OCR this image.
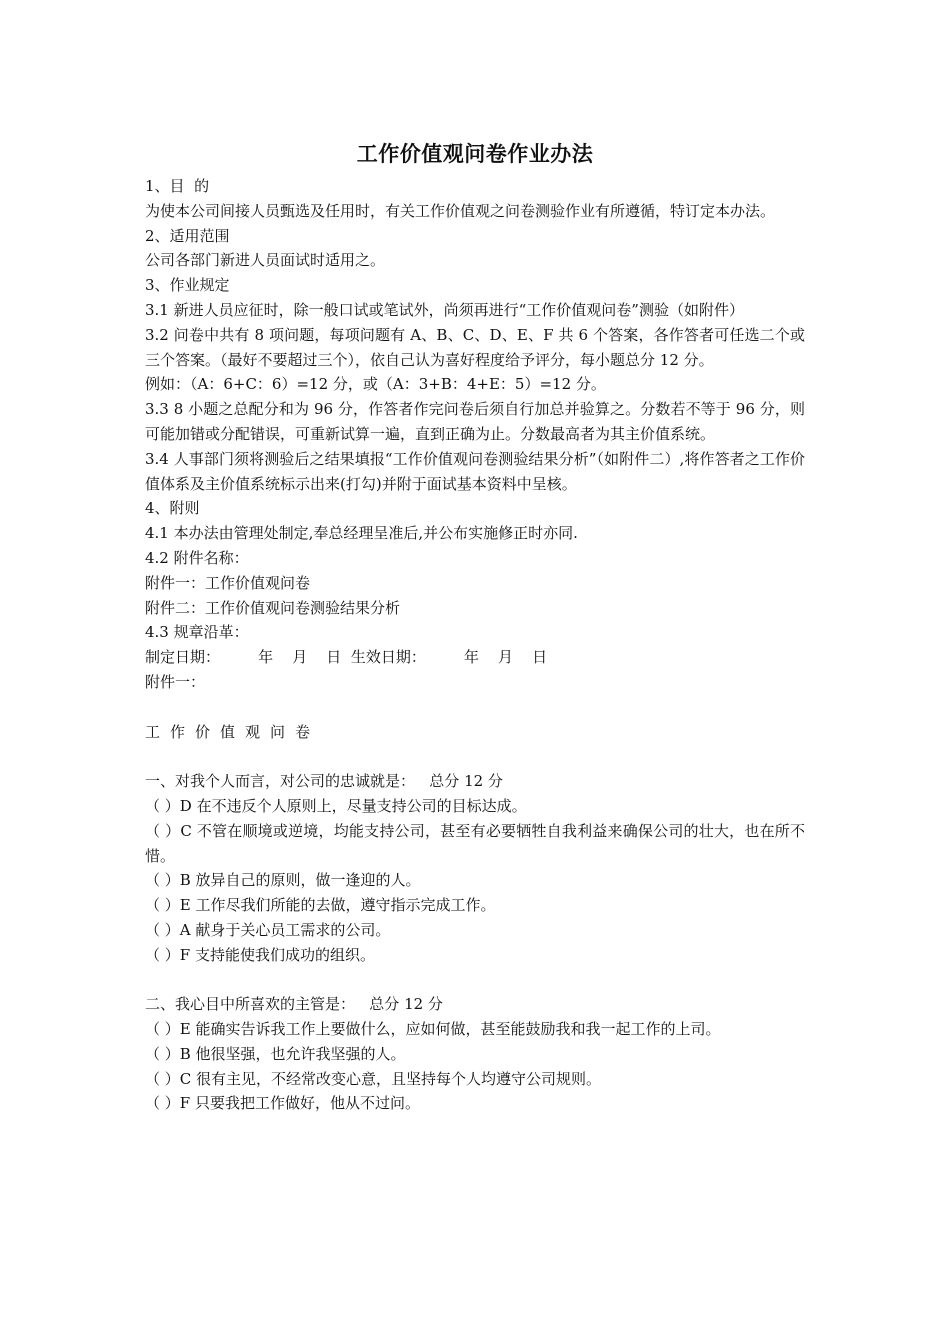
工作价值观问卷作业办法
1、目  的
为使本公司间接人员甄选及任用时，有关工作价值观之问卷测验作业有所遵循，特订定本办法。
2、适用范围
公司各部门新进人员面试时适用之。
3、作业规定
3.1 新进人员应征时，除一般口试或笔试外，尚须再进行“工作价值观问卷”测验（如附件）
3.2 问卷中共有 8 项问题，每项问题有 A、B、C、D、E、F 共 6 个答案，各作答者可任选二个或三个答案。（最好不要超过三个），依自己认为喜好程度给予评分，每小题总分 12 分。
例如：（A：6+C：6）=12 分，或（A：3+B：4+E：5）=12 分。
3.3 8 小题之总配分和为 96 分，作答者作完问卷后须自行加总并验算之。分数若不等于 96 分，则可能加错或分配错误，可重新试算一遍，直到正确为止。分数最高者为其主价值系统。
3.4 人事部门须将测验后之结果填报“工作价值观问卷测验结果分析”（如附件二）,将作答者之工作价值体系及主价值系统标示出来(打勾)并附于面试基本资料中呈核。
4、附则
4.1 本办法由管理处制定,奉总经理呈准后,并公布实施修正时亦同.
4.2 附件名称：
附件一：工作价值观问卷
附件二：工作价值观问卷测验结果分析
4.3 规章沿革：
制定日期：        年    月    日  生效日期：        年    月    日
附件一：
工作价值观问卷
一、对我个人而言，对公司的忠诚就是：   总分 12 分
（ ）D 在不违反个人原则上，尽量支持公司的目标达成。
（ ）C 不管在顺境或逆境，均能支持公司，甚至有必要牺牲自我利益来确保公司的壮大，也在所不惜。
（ ）B 放异自己的原则，做一逢迎的人。
（ ）E 工作尽我们所能的去做，遵守指示完成工作。
（ ）A 献身于关心员工需求的公司。
（ ）F 支持能使我们成功的组织。
二、我心目中所喜欢的主管是：   总分 12 分
（ ）E 能确实告诉我工作上要做什么，应如何做，甚至能鼓励我和我一起工作的上司。
（ ）B 他很坚强，也允许我坚强的人。
（ ）C 很有主见，不经常改变心意，且坚持每个人均遵守公司规则。
（ ）F 只要我把工作做好，他从不过问。
